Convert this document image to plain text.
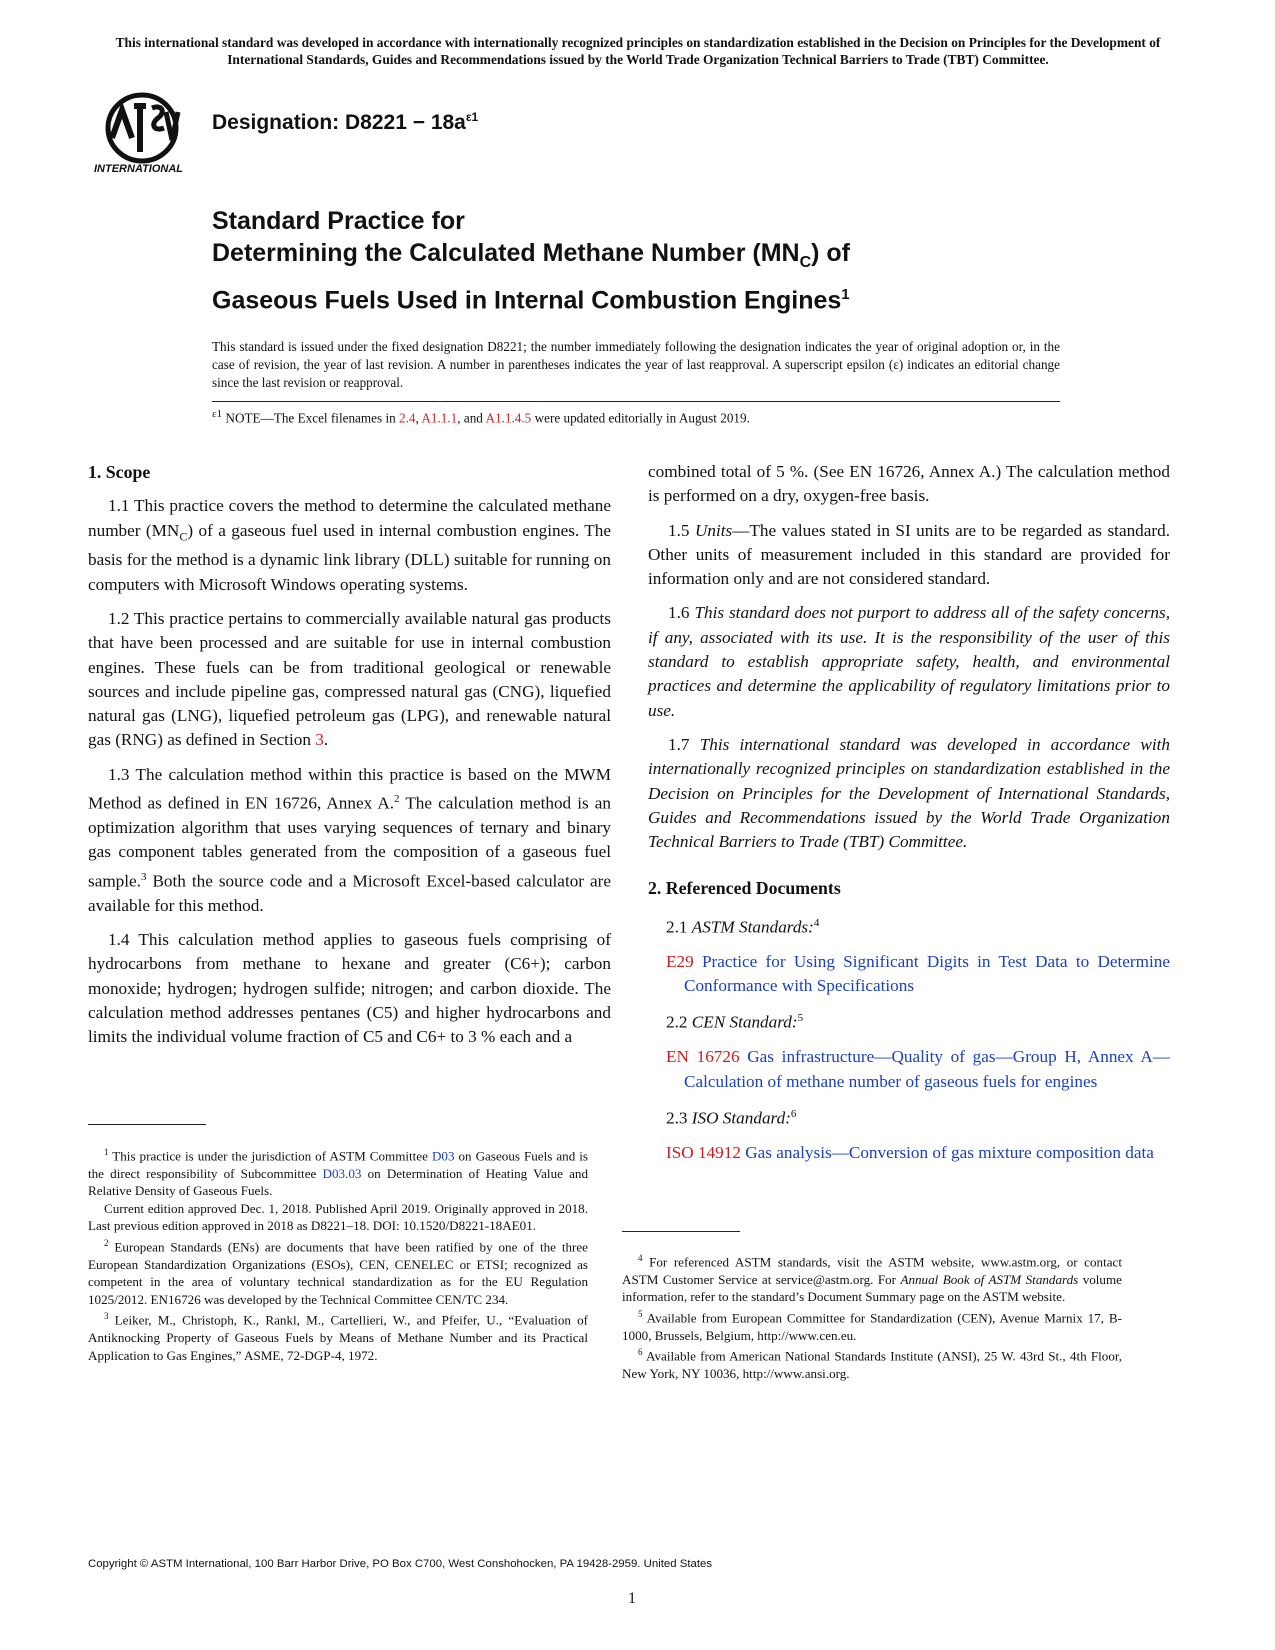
This international standard was developed in accordance with internationally recognized principles on standardization established in the Decision on Principles for the Development of International Standards, Guides and Recommendations issued by the World Trade Organization Technical Barriers to Trade (TBT) Committee.
INTERNATIONAL
Designation: $D8221 - 18a^{\varepsilon 1}$
Standard Practice for
Determining the Calculated Methane Number $(MN_C)$ of
Gaseous Fuels Used in Internal Combustion Engines$^1$
This standard is issued under the fixed designation D8221; the number immediately following the designation indicates the year of original adoption or, in the case of revision, the year of last revision. A number in parentheses indicates the year of last reapproval. A superscript epsilon (ε) indicates an editorial change since the last revision or reapproval.
$^{\varepsilon 1}$ NOTE—The Excel filenames in 2.4, A1.1.1, and A1.1.4.5 were updated editorially in August 2019.
1. Scope

1.1 This practice covers the method to determine the calculated methane number $(MN_C)$ of a gaseous fuel used in internal combustion engines. The basis for the method is a dynamic link library (DLL) suitable for running on computers with Microsoft Windows operating systems.

1.2 This practice pertains to commercially available natural gas products that have been processed and are suitable for use in internal combustion engines. These fuels can be from traditional geological or renewable sources and include pipeline gas, compressed natural gas (CNG), liquefied natural gas (LNG), liquefied petroleum gas (LPG), and renewable natural gas (RNG) as defined in Section 3.

1.3 The calculation method within this practice is based on the MWM Method as defined in EN 16726, Annex A.$^2$ The calculation method is an optimization algorithm that uses varying sequences of ternary and binary gas component tables generated from the composition of a gaseous fuel sample.$^3$ Both the source code and a Microsoft Excel-based calculator are available for this method.

1.4 This calculation method applies to gaseous fuels comprising of hydrocarbons from methane to hexane and greater (C6+); carbon monoxide; hydrogen; hydrogen sulfide; nitrogen; and carbon dioxide. The calculation method addresses pentanes (C5) and higher hydrocarbons and limits the individual volume fraction of C5 and C6+ to 3 % each and a

combined total of 5 %. (See EN 16726, Annex A.) The calculation method is performed on a dry, oxygen-free basis.

1.5 Units—The values stated in SI units are to be regarded as standard. Other units of measurement included in this standard are provided for information only and are not considered standard.

1.6 This standard does not purport to address all of the safety concerns, if any, associated with its use. It is the responsibility of the user of this standard to establish appropriate safety, health, and environmental practices and determine the applicability of regulatory limitations prior to use.

1.7 This international standard was developed in accordance with internationally recognized principles on standardization established in the Decision on Principles for the Development of International Standards, Guides and Recommendations issued by the World Trade Organization Technical Barriers to Trade (TBT) Committee.

2. Referenced Documents

2.1 ASTM Standards:$^4$

E29 Practice for Using Significant Digits in Test Data to Determine Conformance with Specifications

2.2 CEN Standard:$^5$

EN 16726 Gas infrastructure—Quality of gas—Group H, Annex A—Calculation of methane number of gaseous fuels for engines

2.3 ISO Standard:$^6$

ISO 14912 Gas analysis—Conversion of gas mixture composition data

$^1$ This practice is under the jurisdiction of ASTM Committee D03 on Gaseous Fuels and is the direct responsibility of Subcommittee D03.03 on Determination of Heating Value and Relative Density of Gaseous Fuels.

Current edition approved Dec. 1, 2018. Published April 2019. Originally approved in 2018. Last previous edition approved in 2018 as D8221–18. DOI: 10.1520/D8221-18AE01.

$^2$ European Standards (ENs) are documents that have been ratified by one of the three European Standardization Organizations (ESOs), CEN, CENELEC or ETSI; recognized as competent in the area of voluntary technical standardization as for the EU Regulation 1025/2012. EN16726 was developed by the Technical Committee CEN/TC 234.

$^3$ Leiker, M., Christoph, K., Rankl, M., Cartellieri, W., and Pfeifer, U., “Evaluation of Antiknocking Property of Gaseous Fuels by Means of Methane Number and its Practical Application to Gas Engines,” ASME, 72-DGP-4, 1972.

$^4$ For referenced ASTM standards, visit the ASTM website, www.astm.org, or contact ASTM Customer Service at service@astm.org. For Annual Book of ASTM Standards volume information, refer to the standard’s Document Summary page on the ASTM website.

$^5$ Available from European Committee for Standardization (CEN), Avenue Marnix 17, B-1000, Brussels, Belgium, http://www.cen.eu.

$^6$ Available from American National Standards Institute (ANSI), 25 W. 43rd St., 4th Floor, New York, NY 10036, http://www.ansi.org.

Copyright © ASTM International, 100 Barr Harbor Drive, PO Box C700, West Conshohocken, PA 19428-2959. United States
1
